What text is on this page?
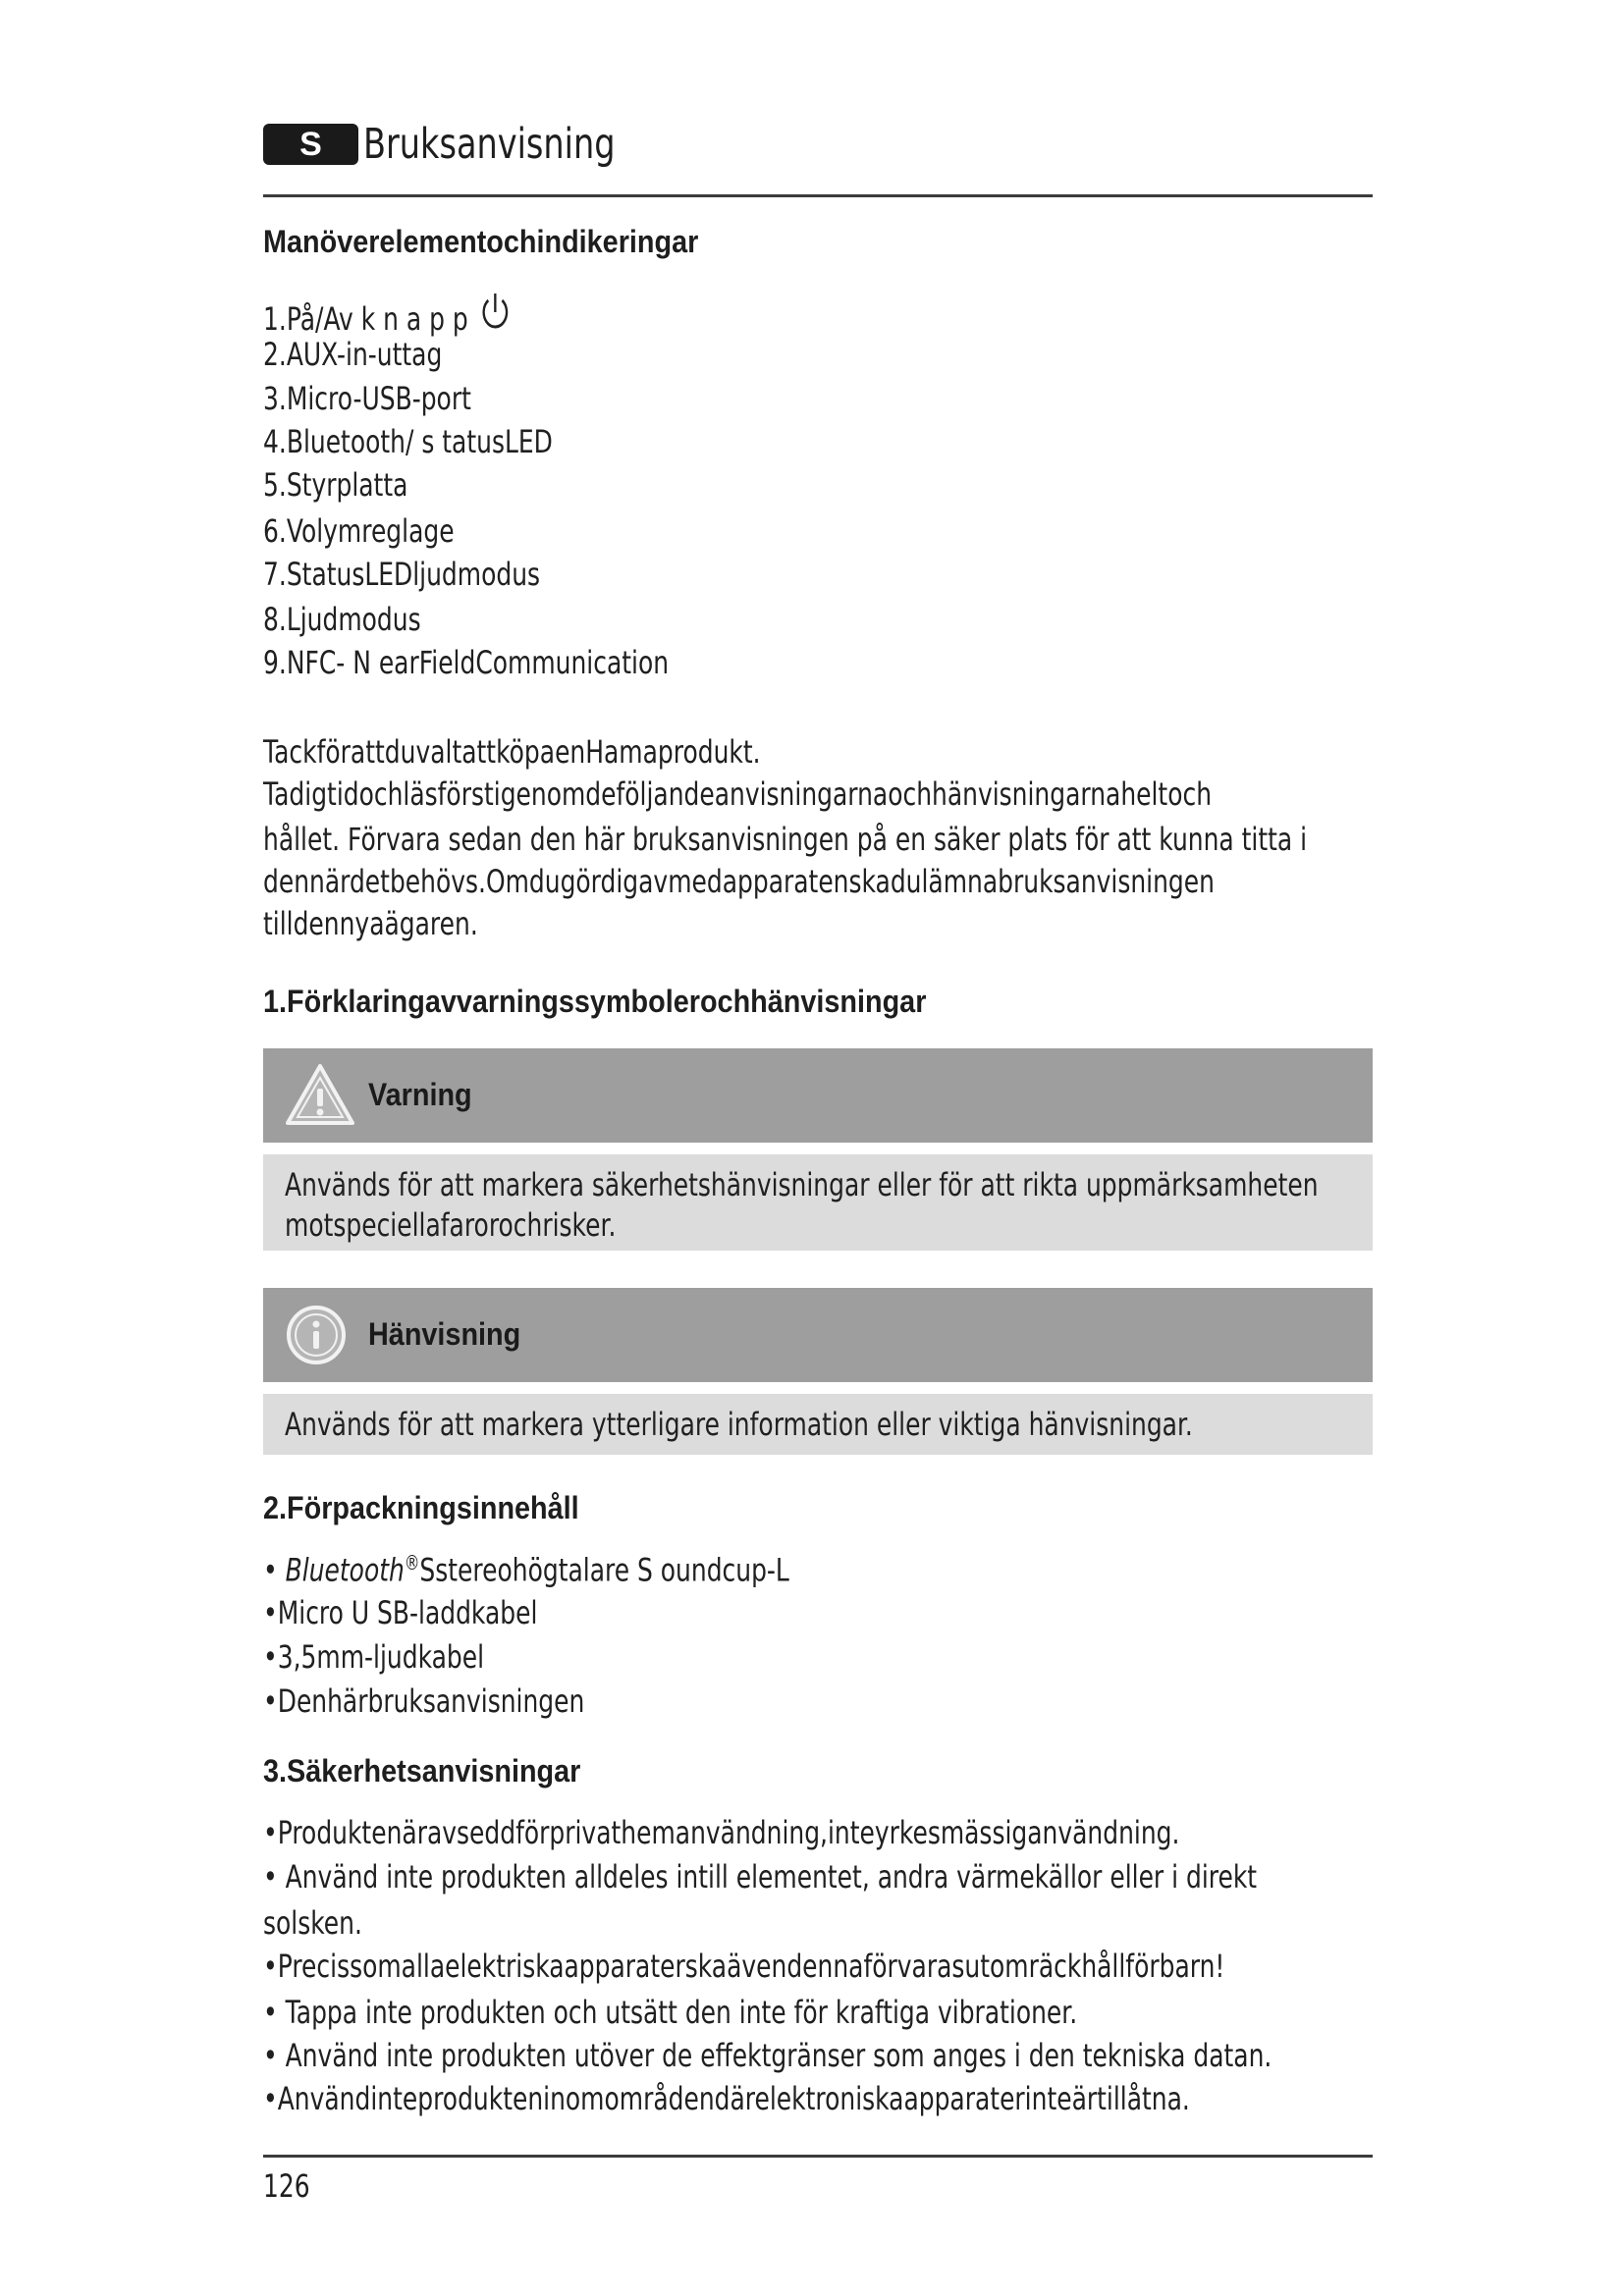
S Bruksanvisning
Manöverelementochindikeringar
1.På/Av k n a p p
2.AUX-in-uttag
3.Micro-USB-port
4.Bluetooth/ s tatusLED
5.Styrplatta
6.Volymreglage
7.StatusLEDljudmodus
8.Ljudmodus
9.NFC- N earFieldCommunication
TackförattduvaltattköpaenHamaprodukt.
Tadigtidochläsförstigenomdeföljandeanvisningarnaochhänvisningarnaheltoch
hållet. Förvara sedan den här bruksanvisningen på en säker plats för att kunna titta i
dennärdetbehövs.Omdugördigavmedapparatenskadulämnabruksanvisningen
tilldennyaägaren.
1.Förklaringavvarningssymbolerochhänvisningar
Varning
Används för att markera säkerhetshänvisningar eller för att rikta uppmärksamheten
motspeciellafarorochrisker.
Hänvisning
Används för att markera ytterligare information eller viktiga hänvisningar.
2.Förpackningsinnehåll
• Bluetooth®Sstereohögtalare S oundcup-L
•Micro U SB-laddkabel
•3,5mm-ljudkabel
•Denhärbruksanvisningen
3.Säkerhetsanvisningar
•Produktenäravseddförprivathemanvändning,inteyrkesmässiganvändning.
• Använd inte produkten alldeles intill elementet, andra värmekällor eller i direkt
solsken.
•Precissomallaelektriskaapparaterskaävendennaförvarasutomräckhållförbarn!
• Tappa inte produkten och utsätt den inte för kraftiga vibrationer.
• Använd inte produkten utöver de effektgränser som anges i den tekniska datan.
•Användinteprodukteninomområdendärelektroniskaapparaterinteärtillåtna.
126
